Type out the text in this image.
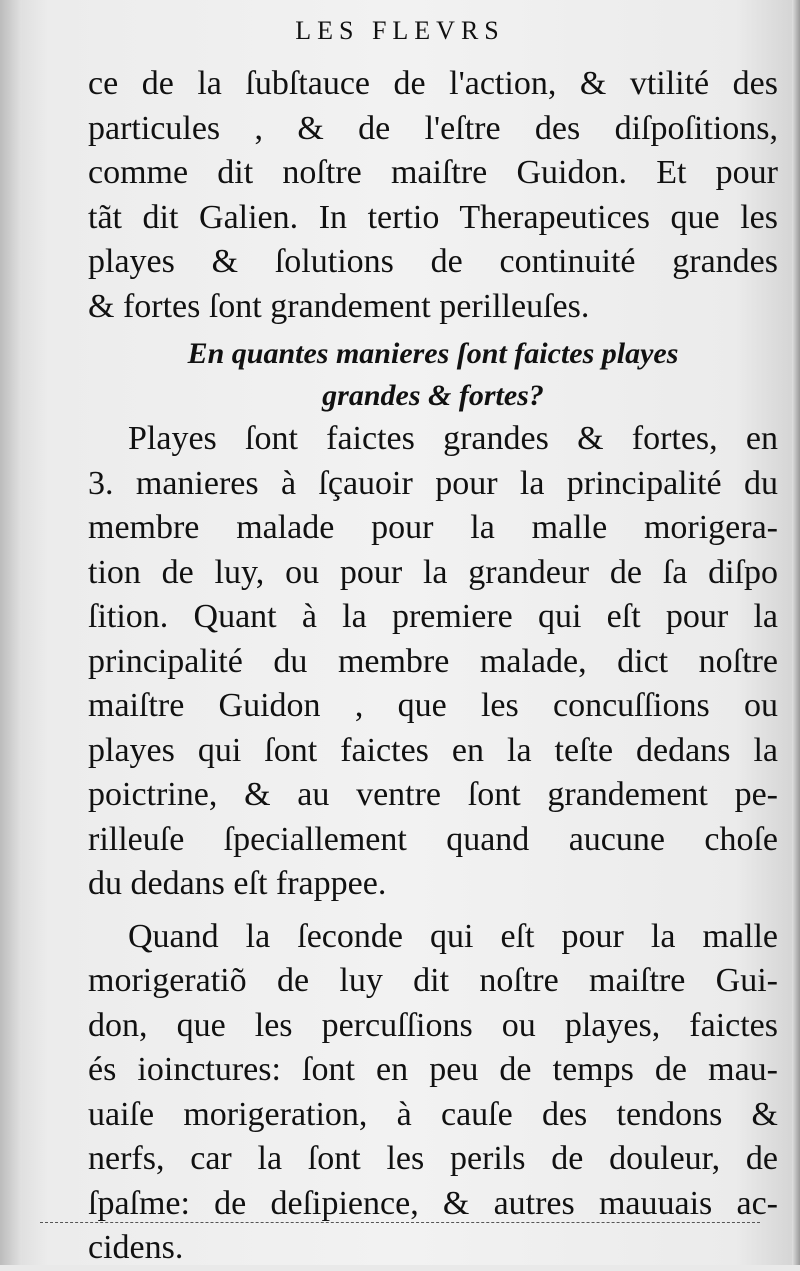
LES FLEVRS
ce de la ſubſtauce de l'action, & vtilité des
particules , & de l'eſtre des diſpoſitions,
comme dit noſtre maiſtre Guidon. Et pour
tãt dit Galien. In tertio Therapeutices que les
playes & ſolutions de continuité grandes
& fortes ſont grandement perilleuſes.
En quantes manieres ſont faictes playes
grandes & fortes?
Playes ſont faictes grandes & fortes, en
3. manieres à ſçauoir pour la principalité du
membre malade pour la malle morigera-
tion de luy, ou pour la grandeur de ſa diſpo
ſition. Quant à la premiere qui eſt pour la
principalité du membre malade, dict noſtre
maiſtre Guidon , que les concuſſions ou
playes qui ſont faictes en la teſte dedans la
poictrine, & au ventre ſont grandement pe-
rilleuſe ſpeciallement quand aucune choſe
du dedans eſt frappee.
Quand la ſeconde qui eſt pour la malle
morigeratiõ de luy dit noſtre maiſtre Gui-
don, que les percuſſions ou playes, faictes
és ioinctures: ſont en peu de temps de mau-
uaiſe morigeration, à cauſe des tendons &
nerfs, car la ſont les perils de douleur, de
ſpaſme: de deſipience, & autres mauuais ac-
cidens.
